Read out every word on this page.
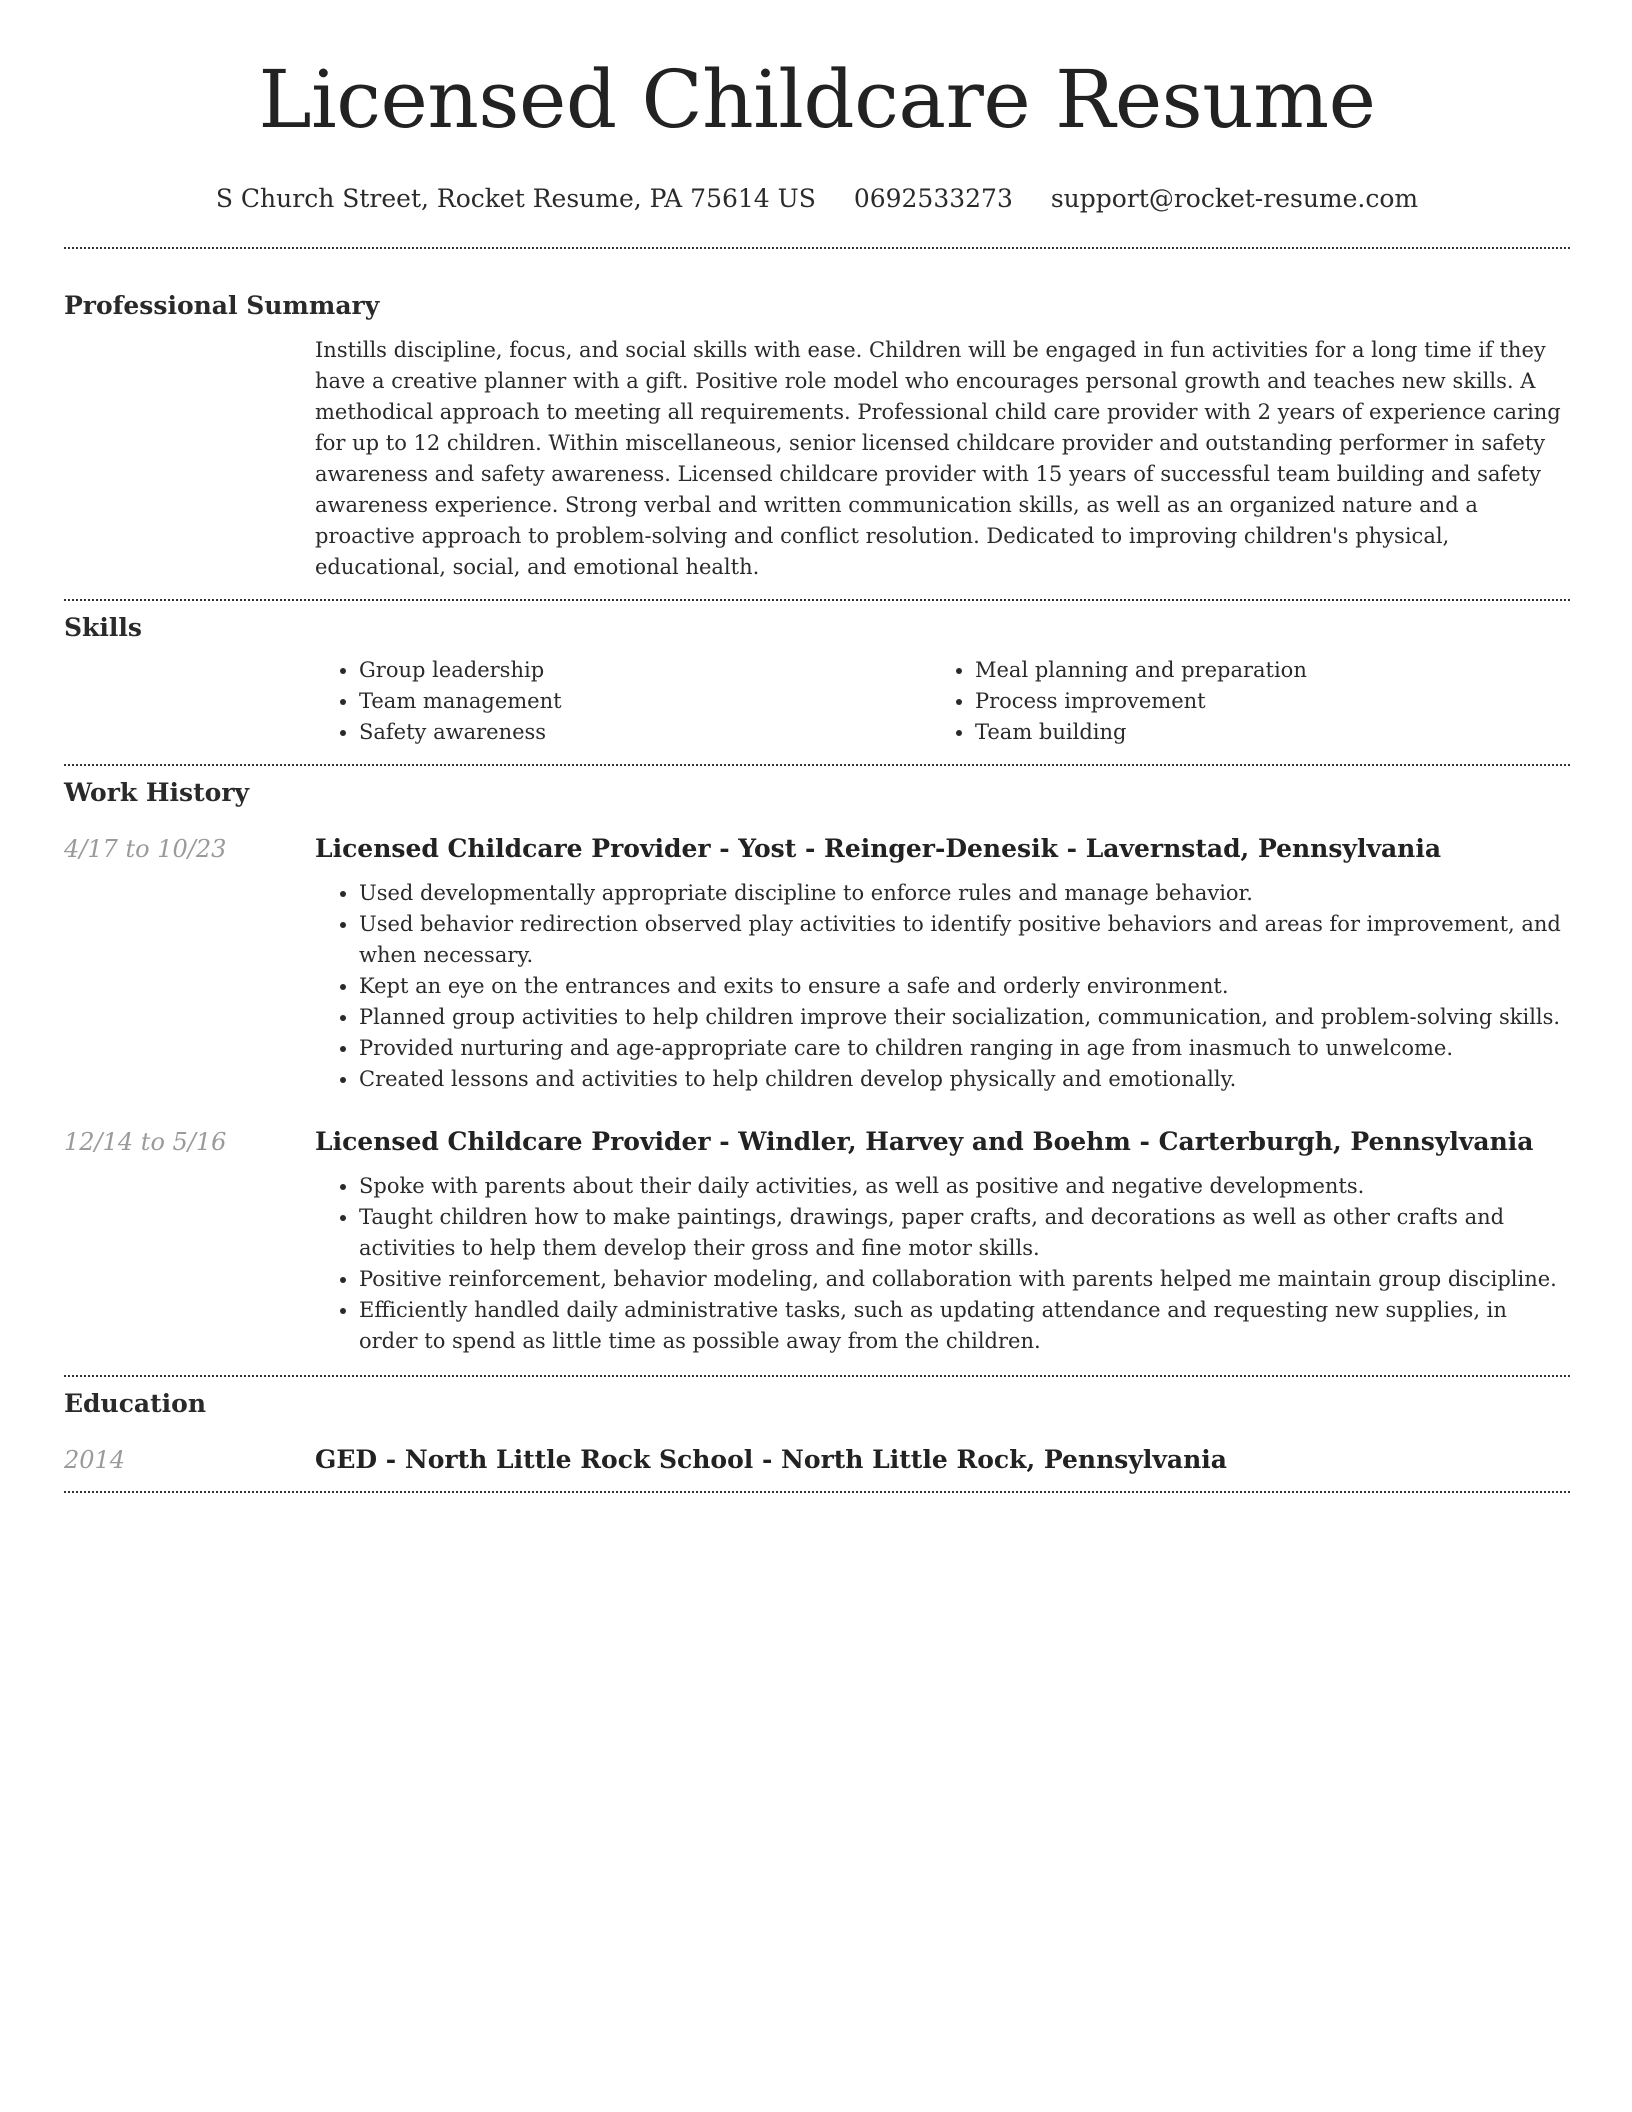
Licensed Childcare Resume
S Church Street, Rocket Resume, PA 75614 US 0692533273 support@rocket-resume.com
Professional Summary

Instills discipline, focus, and social skills with ease. Children will be engaged in fun activities for a long time if they have a creative planner with a gift. Positive role model who encourages personal growth and teaches new skills. A methodical approach to meeting all requirements. Professional child care provider with 2 years of experience caring for up to 12 children. Within miscellaneous, senior licensed childcare provider and outstanding performer in safety awareness and safety awareness. Licensed childcare provider with 15 years of successful team building and safety awareness experience. Strong verbal and written communication skills, as well as an organized nature and a proactive approach to problem-solving and conflict resolution. Dedicated to improving children's physical, educational, social, and emotional health.

Skills
• Group leadership
• Team management
• Safety awareness
• Meal planning and preparation
• Process improvement
• Team building
Work History
4/17 to 10/23	Licensed Childcare Provider - Yost - Reinger-Denesik - Lavernstad, Pennsylvania
• Used developmentally appropriate discipline to enforce rules and manage behavior.
• Used behavior redirection observed play activities to identify positive behaviors and areas for improvement, and when necessary.
• Kept an eye on the entrances and exits to ensure a safe and orderly environment.
• Planned group activities to help children improve their socialization, communication, and problem-solving skills.
• Provided nurturing and age-appropriate care to children ranging in age from inasmuch to unwelcome.
• Created lessons and activities to help children develop physically and emotionally.
12/14 to 5/16	Licensed Childcare Provider - Windler, Harvey and Boehm - Carterburgh, Pennsylvania
• Spoke with parents about their daily activities, as well as positive and negative developments.
• Taught children how to make paintings, drawings, paper crafts, and decorations as well as other crafts and activities to help them develop their gross and fine motor skills.
• Positive reinforcement, behavior modeling, and collaboration with parents helped me maintain group discipline.
• Efficiently handled daily administrative tasks, such as updating attendance and requesting new supplies, in order to spend as little time as possible away from the children.
Education
2014	GED - North Little Rock School - North Little Rock, Pennsylvania
